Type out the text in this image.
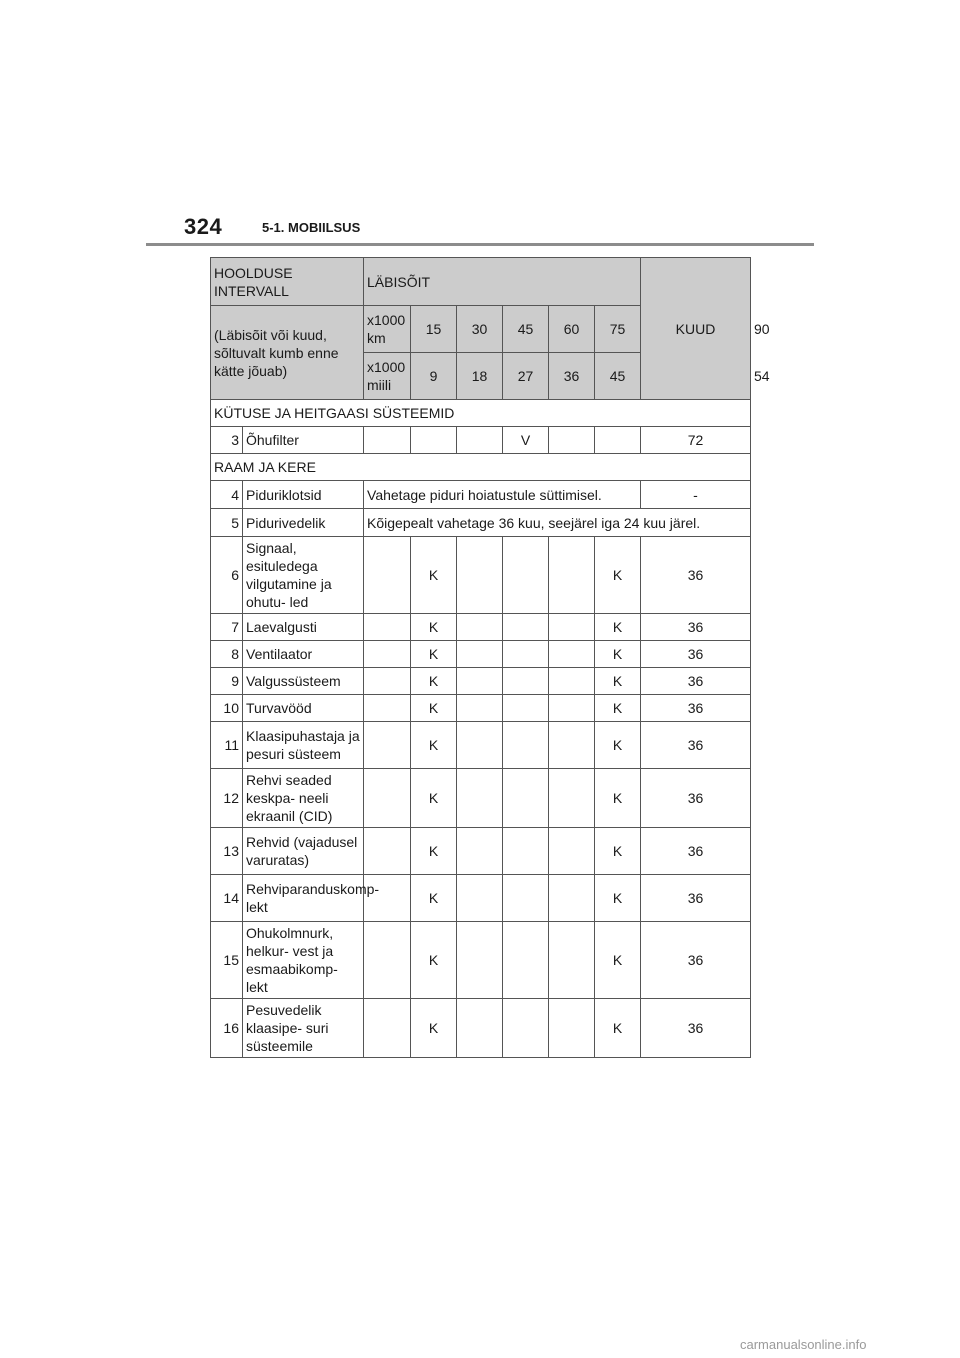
324	5-1. MOBIILSUS
HOOLDUSE INTERVALL		LÄBISÕIT						KUUD	
(Läbisõit või kuud, sõltuvalt kumb enne kätte jõuab)		x1000 km	15	30	45	60	75		90
		x1000 miili	9	18	27	36	45		54
KÜTUSE JA HEITGAASI SÜSTEEMID									
3	Õhufilter				V			72	
RAAM JA KERE									
4	Piduriklotsid	Vahetage piduri hoiatustule süttimisel.						-	
5	Pidurivedelik	Kõigepealt vahetage 36 kuu, seejärel iga 24 kuu järel.							
6	Signaal, esituledega vilgutamine ja ohutu- led		K				K	36	
7	Laevalgusti		K				K	36	
8	Ventilaator		K				K	36	
9	Valgussüsteem		K				K	36	
10	Turvavööd		K				K	36	
11	Klaasipuhastaja ja pesuri süsteem		K				K	36	
12	Rehvi seaded keskpa- neeli ekraanil (CID)		K				K	36	
13	Rehvid (vajadusel varuratas)		K				K	36	
14	Rehviparanduskomp- lekt		K				K	36	
15	Ohukolmnurk, helkur- vest ja esmaabikomp- lekt		K				K	36	
16	Pesuvedelik klaasipe- suri süsteemile		K				K	36	
carmanualsonline.info
